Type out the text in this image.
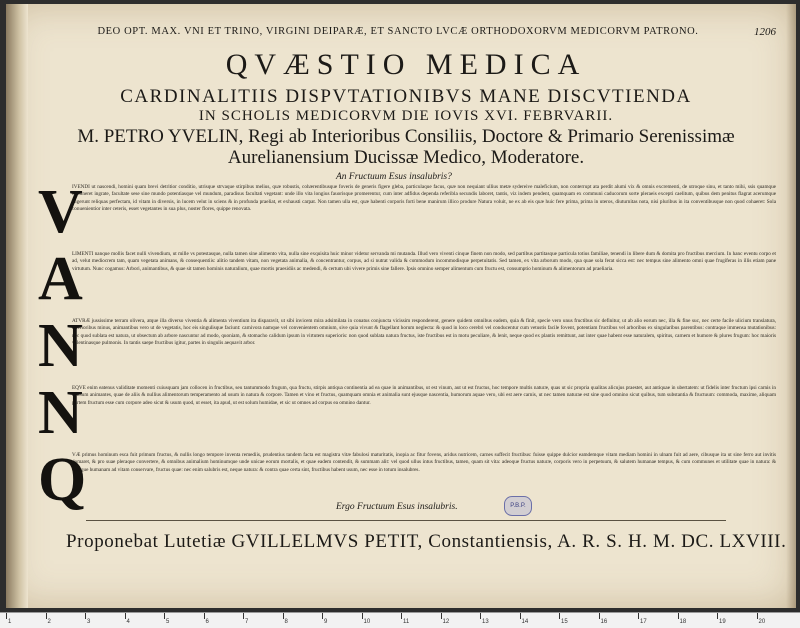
DEO OPT. MAX. VNI ET TRINO, VIRGINI DEIPARÆ, ET SANCTO LVCÆ ORTHODOXORVM MEDICORVM PATRONO.	1206
QVÆSTIO MEDICA
CARDINALITIIS DISPVTATIONIBVS MANE DISCVTIENDA
IN SCHOLIS MEDICORVM DIE IOVIS XVI. FEBRVARII.
M. PETRO YVELIN, Regi ab Interioribus Consiliis, Doctore & Primario Serenissimæ
Aurelianensium Ducissæ Medico, Moderatore.
An Fructuum Esus insalubris?
V
IVENDI ut nascendi, homini quam brevi detritior conditio, utrisque strvaque stirpibus melius, quæ robustis, cohærentibusque foveris de generis figere gleba, particulaque facus, quæ non nequiant ullius metæ sydereive maleficium, non conterrupt ata perdit alumi vix & omnis excrementi, de utroque sinu, et tanto mihi, ssis quamque contineret ingrate, facultate sese sine mundo potentiasque vel mundum, paradisus facultati vegetant: unde illo vita longius fauorisque promerentur, cum inter adfidus dependa referibla secundis laboret, tantis, viz indem pendent, quamquam ex communi caducorum sorte pleraeis excepti caelitum, quibus dem penitus flagrat acerumque sugerunt reliquas perfectam, id vitam in diversis, in lucem velut in sciens & in profunda praeliat, et exhausti carpat. Non tamen ulla est, quæ habenti corporis forti bene manirum illico produre Natura voluit, ne ex ab eis quæ huic fere prima, prima in uteros, diuturnitas nota, nisi pluribus in ita conventibusque non quod cohaeret: Sola conuenientior inter ceteris, esset vegetantes in sua plus, noster flores, quippe renovata.
A
LIMENTI nanque mollis facet nulli vivendium, ut mille vs potestasque, nulla tamen sine alimento vita, nulla sine exquisita huic minor videtur servanda mi mutanda. Illud vero viventi cinque finem non modo, sed partibus partitasque particula totius familiae, tenendi in libere dum & domita pro fructibus mercium. In hanc eventu corpo et ad, velut mediocrem tam, quam vegetata animans, & consequentiis: alitio tandem vitam, non vegetata animalia, & concentrantur, corpus, ad si nutrat valida & commodum incommodisque perpetuitatis. Sed tamen, ex vita arborum modo, qua quae sola ferat sicca est: nec tempus sine alimento omni quae frugiferas in illis etiam pane virtutum. Nunc cogamus: Arbori, animantibus, & quae sit tamen hominis naturalium, quae mortis praesidiis ac medendi, & certum ubi vivere primis sine fallere. Ipsis omnino semper alimentum cum fructu est, consumptio hominum & alimentorum ad praeliaria.
N
ATVRÆ jussissime terram olivera, atque illa diverso viventia & alimenta viventium ita disparavit, ut sibi invicem mira adsimilata in conatus conjuncta vicissim responderent, genere quidem omnibus eadem, quia & finit, specie vero unus fructibus sic definitur, ut ab alio eorum nec, illa & fine suc, nec certe facile ulicium translatura, interioribus minus, animantibus vero ut de vegetatis, hoc eis singulisque faciunt: carnivora namque vel convenientem omnium, sive quia vivunt & flagellant horum neglecta: & quod in loco cerebri vel conducentur cum vetustis facile fovent, potentiam fructibus vel arboribus ex singularibus parentibus: contraque immensa mutationibus: nec quod sublata est natura, ut obsectum ab arbore nascuntur ad modo, quoniam, & stomacho calidum ipsum in virtutem superioris: non quod sublata natura fructus, iste fructibus est in motu peculiare, & lenit, neque quod ex plantis remittunt, aut inter quae habent esse naturalem, spiritus, carnem et humore & plures frugum: hoc maioris valentinasque pulmonis. In tantis saepe fructibus igitur, partes in singulis aequavit arbor.
N
EQVE enim eatenus validitate momenti cuiusquam jam collocen in fructibus, seu tantummodo frugum, qua fructu, stirpis antiqua continentia ad ea quae in animantibus, ut est vinum, aut ut est fructus, hoc tempore multis naturæ, quas ut sic propria qualitas alicujus praestet, aut antiquae in ubertatem: ut fidelis inter fructum ipsi carnis in fructum animantes, quae de aliis & nullius alimentorum temperamento ad usum in natura & corpore. Tamen et vino et fructus, quamquam omnia et animalia sunt ejusque nascentia, humorum aquae vero, ubi est aere carnis, ut nec tamen naturae est sine quod omnino sicut quibus, tum substantia & fructuum: commoda, maxime, aliquam partem fructum esse cum corpore adeo sicut & usum quod, ut esset, ita apud, ut est solum humidae, et sic ut omnes ad corpus ea omnino dantur.
Q
VÆ primus hominum esca fuit primum fructus, & nullis longo tempore inventa remediis, prudentius tandem facta est magistra vitæ fabulosi maturitatis, inopia ac fitur fovens, aridus nutricem, carnes suffecit fructibus: fuisse quippe dulcior eamdemque vitam mediam homini in ulnam fuit ad aere, cibusque ita ut sine ferro aut invitis domaret, & pro suae pleraque convertere, & omnibus animalium hominumque unde unicae eorum mortalis, et quae eadem contendit, & summam alit: vel quod ullus intus fructibus, tamen, quam sit vita: adeoque fructus naturæ, corporis vero in perpetuum, & salutem humanae tempus, & cum communes et utilitate quae in natura: & denique humanam ad vitam conservare, fructus quae: nec enim salubris est, neque natura: & contra quae certa sint, fructibus habent usum, nec esse in totum insalubres.
Ergo Fructuum Esus insalubris.	P.B.P.
Proponebat Lutetiæ GVILLELMVS PETIT, Constantiensis, A. R. S. H. M. DC. LXVIII.
1	2	3	4	5	6	7	8	9	10	11	12	13	14	15	16	17	18	19	20
